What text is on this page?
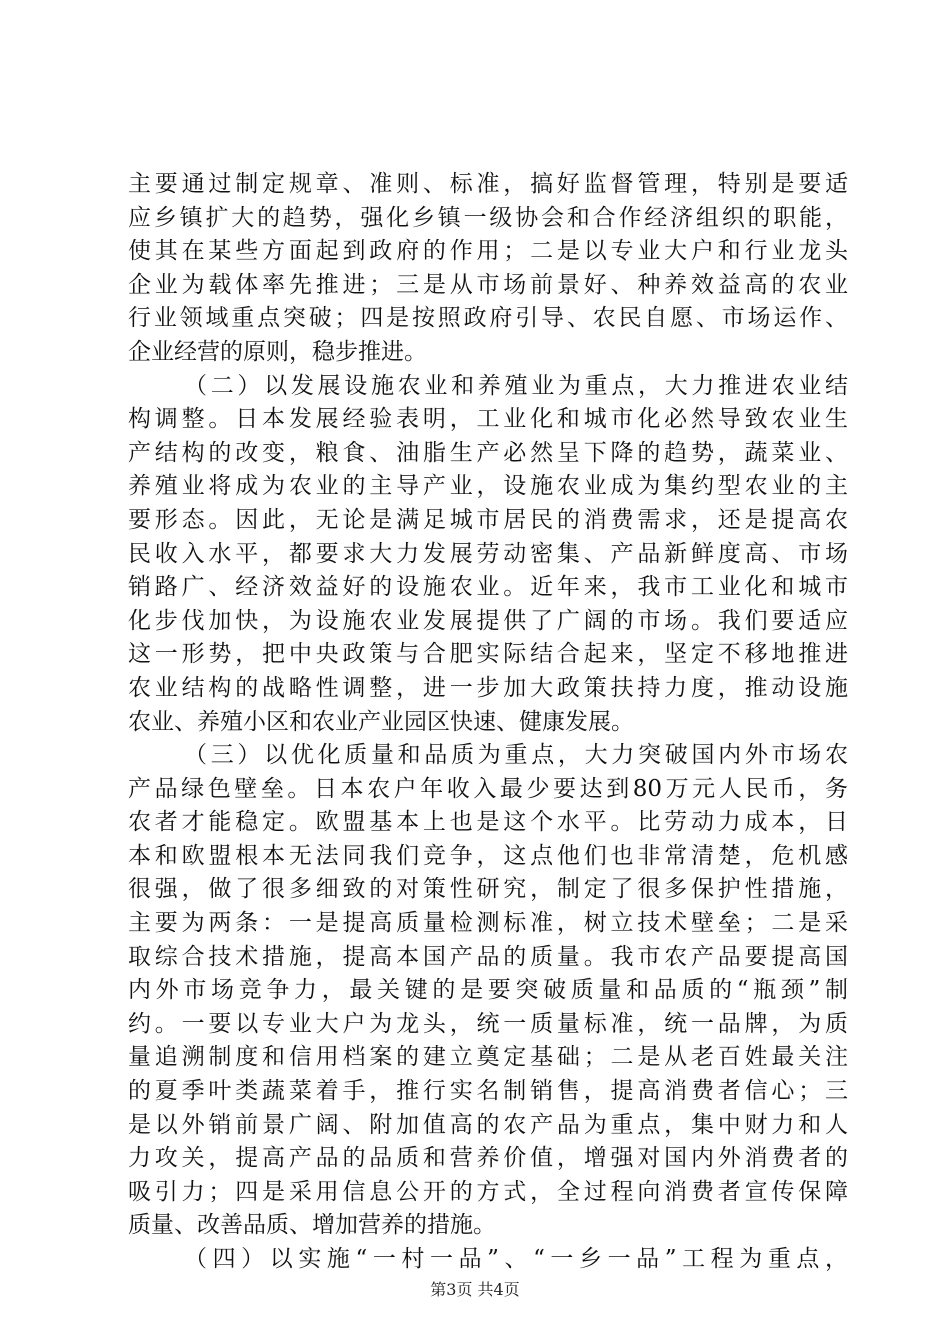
主要通过制定规章、准则、标准，搞好监督管理，特别是要适
应乡镇扩大的趋势，强化乡镇一级协会和合作经济组织的职能，
使其在某些方面起到政府的作用；二是以专业大户和行业龙头
企业为载体率先推进；三是从市场前景好、种养效益高的农业
行业领域重点突破；四是按照政府引导、农民自愿、市场运作、
企业经营的原则，稳步推进。
（二）以发展设施农业和养殖业为重点，大力推进农业结
构调整。日本发展经验表明，工业化和城市化必然导致农业生
产结构的改变，粮食、油脂生产必然呈下降的趋势，蔬菜业、
养殖业将成为农业的主导产业，设施农业成为集约型农业的主
要形态。因此，无论是满足城市居民的消费需求，还是提高农
民收入水平，都要求大力发展劳动密集、产品新鲜度高、市场
销路广、经济效益好的设施农业。近年来，我市工业化和城市
化步伐加快，为设施农业发展提供了广阔的市场。我们要适应
这一形势，把中央政策与合肥实际结合起来，坚定不移地推进
农业结构的战略性调整，进一步加大政策扶持力度，推动设施
农业、养殖小区和农业产业园区快速、健康发展。
（三）以优化质量和品质为重点，大力突破国内外市场农
产品绿色壁垒。日本农户年收入最少要达到80万元人民币，务
农者才能稳定。欧盟基本上也是这个水平。比劳动力成本，日
本和欧盟根本无法同我们竞争，这点他们也非常清楚，危机感
很强，做了很多细致的对策性研究，制定了很多保护性措施，
主要为两条：一是提高质量检测标准，树立技术壁垒；二是采
取综合技术措施，提高本国产品的质量。我市农产品要提高国
内外市场竞争力，最关键的是要突破质量和品质的“瓶颈”制
约。一要以专业大户为龙头，统一质量标准，统一品牌，为质
量追溯制度和信用档案的建立奠定基础；二是从老百姓最关注
的夏季叶类蔬菜着手，推行实名制销售，提高消费者信心；三
是以外销前景广阔、附加值高的农产品为重点，集中财力和人
力攻关，提高产品的品质和营养价值，增强对国内外消费者的
吸引力；四是采用信息公开的方式，全过程向消费者宣传保障
质量、改善品质、增加营养的措施。
（四）以实施“一村一品”、“一乡一品”工程为重点，
第3页 共4页
